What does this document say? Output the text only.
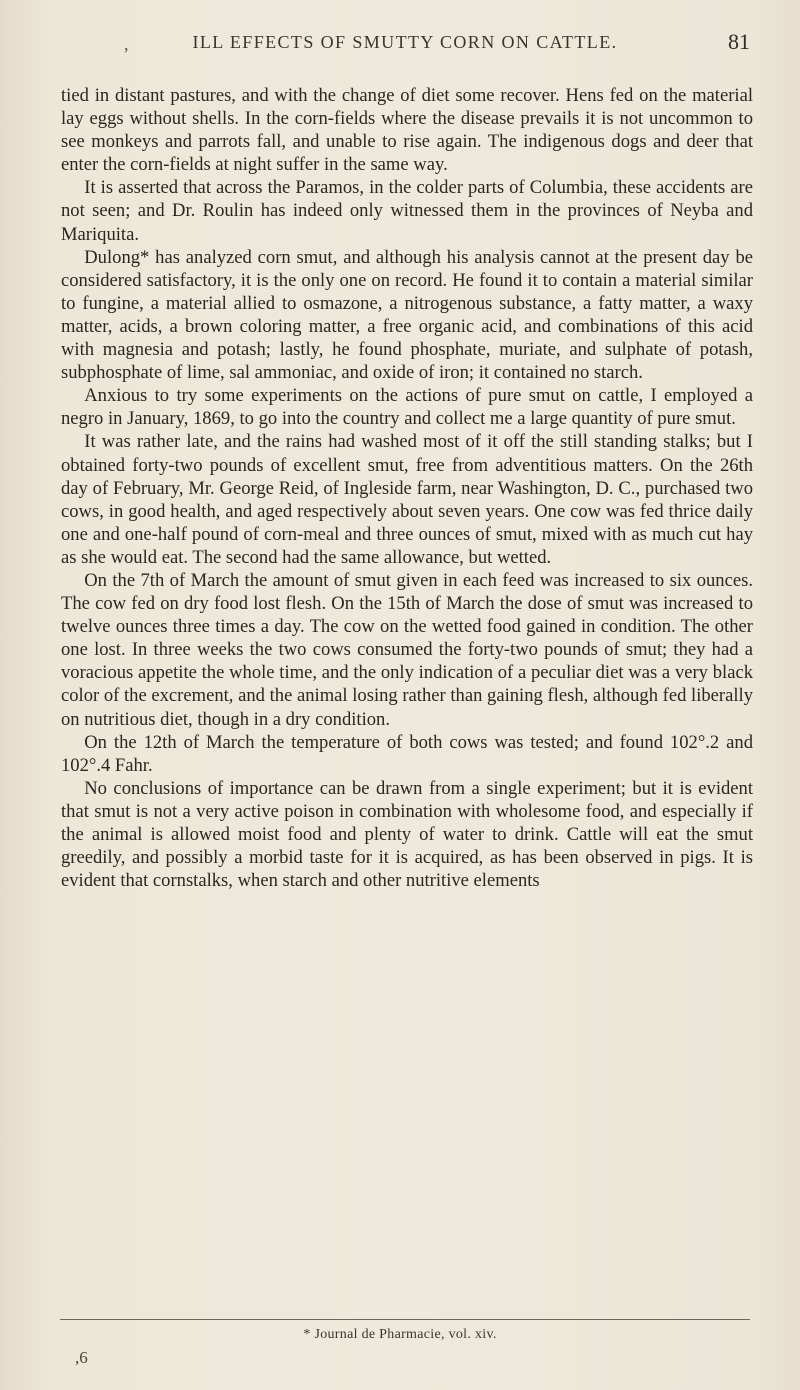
,	ILL EFFECTS OF SMUTTY CORN ON CATTLE.	81

tied in distant pastures, and with the change of diet some recover. Hens fed on the material lay eggs without shells. In the corn-fields where the disease prevails it is not uncommon to see monkeys and parrots fall, and unable to rise again. The indigenous dogs and deer that enter the corn-fields at night suffer in the same way.

It is asserted that across the Paramos, in the colder parts of Columbia, these accidents are not seen; and Dr. Roulin has indeed only witnessed them in the provinces of Neyba and Mariquita.

Dulong* has analyzed corn smut, and although his analysis cannot at the present day be considered satisfactory, it is the only one on record. He found it to contain a material similar to fungine, a material allied to osmazone, a nitrogenous substance, a fatty matter, a waxy matter, acids, a brown coloring matter, a free organic acid, and combinations of this acid with magnesia and potash; lastly, he found phosphate, muriate, and sulphate of potash, subphosphate of lime, sal ammoniac, and oxide of iron; it contained no starch.

Anxious to try some experiments on the actions of pure smut on cattle, I employed a negro in January, 1869, to go into the country and collect me a large quantity of pure smut.

It was rather late, and the rains had washed most of it off the still standing stalks; but I obtained forty-two pounds of excellent smut, free from adventitious matters. On the 26th day of February, Mr. George Reid, of Ingleside farm, near Washington, D. C., purchased two cows, in good health, and aged respectively about seven years. One cow was fed thrice daily one and one-half pound of corn-meal and three ounces of smut, mixed with as much cut hay as she would eat. The second had the same allowance, but wetted.

On the 7th of March the amount of smut given in each feed was increased to six ounces. The cow fed on dry food lost flesh. On the 15th of March the dose of smut was increased to twelve ounces three times a day. The cow on the wetted food gained in condition. The other one lost. In three weeks the two cows consumed the forty-two pounds of smut; they had a voracious appetite the whole time, and the only indication of a peculiar diet was a very black color of the excrement, and the animal losing rather than gaining flesh, although fed liberally on nutritious diet, though in a dry condition.

On the 12th of March the temperature of both cows was tested; and found 102°.2 and 102°.4 Fahr.

No conclusions of importance can be drawn from a single experiment; but it is evident that smut is not a very active poison in combination with wholesome food, and especially if the animal is allowed moist food and plenty of water to drink. Cattle will eat the smut greedily, and possibly a morbid taste for it is acquired, as has been observed in pigs. It is evident that cornstalks, when starch and other nutritive elements

* Journal de Pharmacie, vol. xiv.
,6
